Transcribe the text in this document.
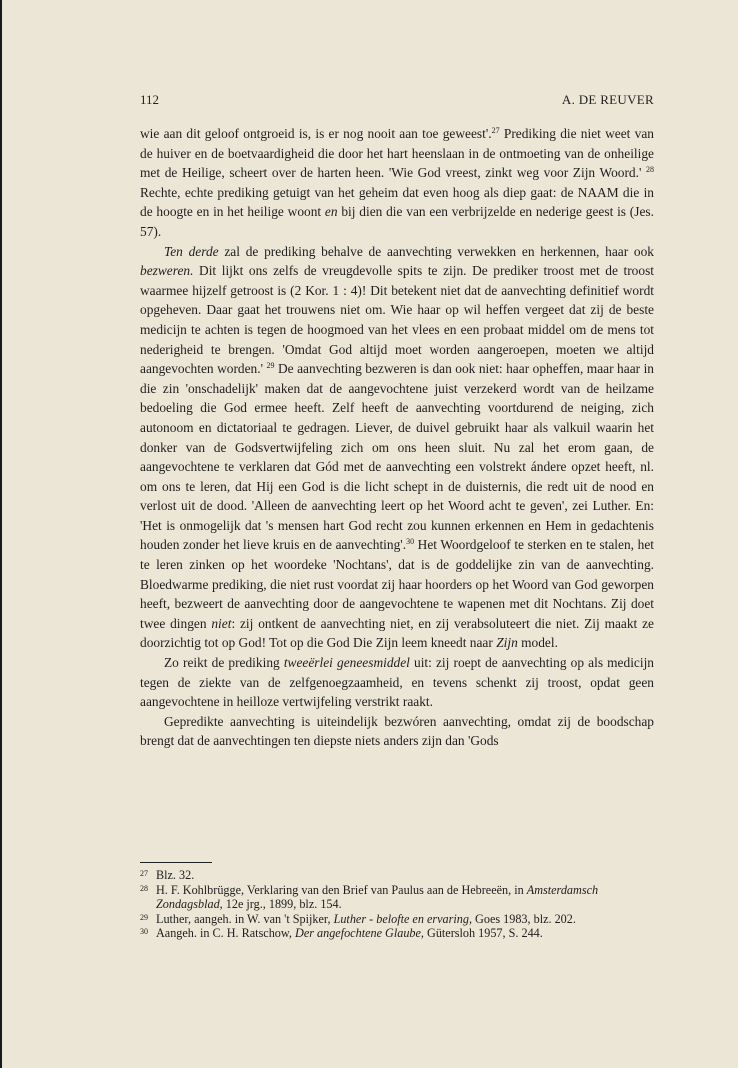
112	A. DE REUVER

wie aan dit geloof ontgroeid is, is er nog nooit aan toe geweest'.$^{27}$ Prediking die niet weet van de huiver en de boetvaardigheid die door het hart heenslaan in de ontmoeting van de onheilige met de Heilige, scheert over de harten heen. 'Wie God vreest, zinkt weg voor Zijn Woord.' $^{28}$ Rechte, echte prediking getuigt van het geheim dat even hoog als diep gaat: de NAAM die in de hoogte en in het heilige woont en bij dien die van een verbrijzelde en nederige geest is (Jes. 57).

Ten derde zal de prediking behalve de aanvechting verwekken en herkennen, haar ook bezweren. Dit lijkt ons zelfs de vreugdevolle spits te zijn. De prediker troost met de troost waarmee hijzelf getroost is (2 Kor. 1 : 4)! Dit betekent niet dat de aanvechting definitief wordt opgeheven. Daar gaat het trouwens niet om. Wie haar op wil heffen vergeet dat zij de beste medicijn te achten is tegen de hoogmoed van het vlees en een probaat middel om de mens tot nederigheid te brengen. 'Omdat God altijd moet worden aangeroepen, moeten we altijd aangevochten worden.' $^{29}$ De aanvechting bezweren is dan ook niet: haar opheffen, maar haar in die zin 'onschadelijk' maken dat de aangevochtene juist verzekerd wordt van de heilzame bedoeling die God ermee heeft. Zelf heeft de aanvechting voortdurend de neiging, zich autonoom en dictatoriaal te gedragen. Liever, de duivel gebruikt haar als valkuil waarin het donker van de Godsvertwijfeling zich om ons heen sluit. Nu zal het erom gaan, de aangevochtene te verklaren dat Gód met de aanvechting een volstrekt ándere opzet heeft, nl. om ons te leren, dat Hij een God is die licht schept in de duisternis, die redt uit de nood en verlost uit de dood. 'Alleen de aanvechting leert op het Woord acht te geven', zei Luther. En: 'Het is onmogelijk dat 's mensen hart God recht zou kunnen erkennen en Hem in gedachtenis houden zonder het lieve kruis en de aanvechting'.$^{30}$ Het Woordgeloof te sterken en te stalen, het te leren zinken op het woordeke 'Nochtans', dat is de goddelijke zin van de aanvechting. Bloedwarme prediking, die niet rust voordat zij haar hoorders op het Woord van God geworpen heeft, bezweert de aanvechting door de aangevochtene te wapenen met dit Nochtans. Zij doet twee dingen niet: zij ontkent de aanvechting niet, en zij verabsoluteert die niet. Zij maakt ze doorzichtig tot op God! Tot op die God Die Zijn leem kneedt naar Zijn model.

Zo reikt de prediking tweeërlei geneesmiddel uit: zij roept de aanvechting op als medicijn tegen de ziekte van de zelfgenoegzaamheid, en tevens schenkt zij troost, opdat geen aangevochtene in heilloze vertwijfeling verstrikt raakt.

Gepredikte aanvechting is uiteindelijk bezwóren aanvechting, omdat zij de boodschap brengt dat de aanvechtingen ten diepste niets anders zijn dan 'Gods

27 Blz. 32.
28 H. F. Kohlbrügge, Verklaring van den Brief van Paulus aan de Hebreeën, in Amsterdamsch Zondagsblad, 12e jrg., 1899, blz. 154.
29 Luther, aangeh. in W. van 't Spijker, Luther - belofte en ervaring, Goes 1983, blz. 202.
30 Aangeh. in C. H. Ratschow, Der angefochtene Glaube, Gütersloh 1957, S. 244.
